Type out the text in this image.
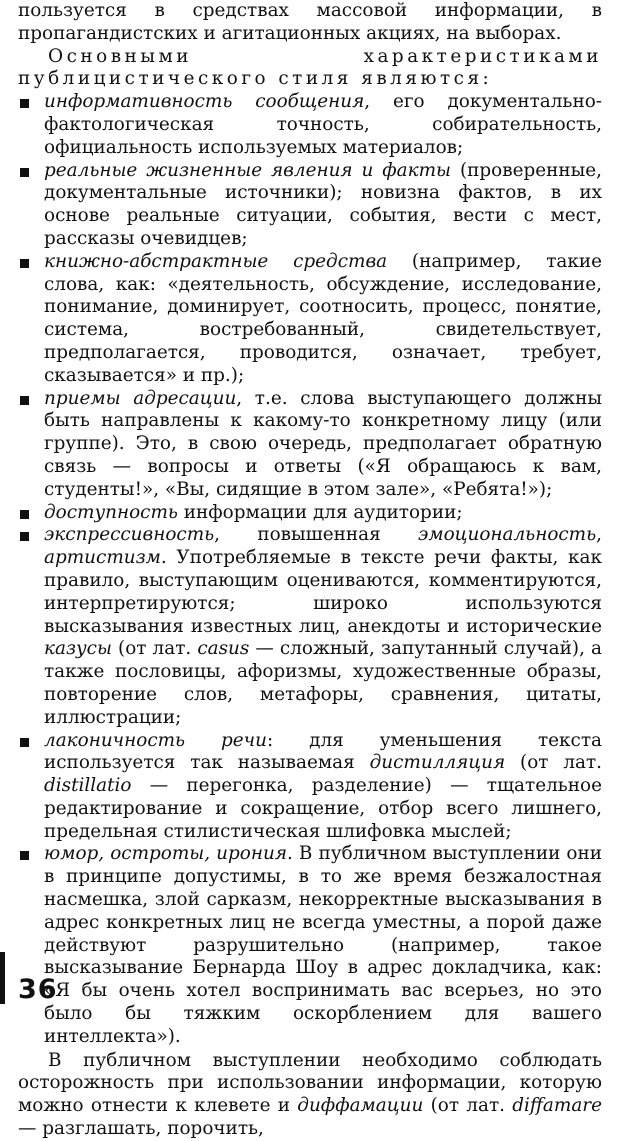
пользуется в средствах массовой информации, в пропагандистских и агитационных акциях, на выборах.

Основными характеристиками публицистического стиля являются:

информативность сообщения, его документально-фактологическая точность, собирательность, официальность используемых материалов;
реальные жизненные явления и факты (проверенные, документальные источники); новизна фактов, в их основе реальные ситуации, события, вести с мест, рассказы очевидцев;
книжно-абстрактные средства (например, такие слова, как: «деятельность, обсуждение, исследование, понимание, доминирует, соотносить, процесс, понятие, система, востребованный, свидетельствует, предполагается, проводится, означает, требует, сказывается» и пр.);
приемы адресации, т.е. слова выступающего должны быть направлены к какому-то конкретному лицу (или группе). Это, в свою очередь, предполагает обратную связь — вопросы и ответы («Я обращаюсь к вам, студенты!», «Вы, сидящие в этом зале», «Ребята!»);
доступность информации для аудитории;
экспрессивность, повышенная эмоциональность, артистизм. Употребляемые в тексте речи факты, как правило, выступающим оцениваются, комментируются, интерпретируются; широко используются высказывания известных лиц, анекдоты и исторические казусы (от лат. casus — сложный, запутанный случай), а также пословицы, афоризмы, художественные образы, повторение слов, метафоры, сравнения, цитаты, иллюстрации;
лаконичность речи: для уменьшения текста используется так называемая дистилляция (от лат. distillatio — перегонка, разделение) — тщательное редактирование и сокращение, отбор всего лишнего, предельная стилистическая шлифовка мыслей;
юмор, остроты, ирония. В публичном выступлении они в принципе допустимы, в то же время безжалостная насмешка, злой сарказм, некорректные высказывания в адрес конкретных лиц не всегда уместны, а порой даже действуют разрушительно (например, такое высказывание Бернарда Шоу в адрес докладчика, как: «Я бы очень хотел воспринимать вас всерьез, но это было бы тяжким оскорблением для вашего интеллекта»).

В публичном выступлении необходимо соблюдать осторожность при использовании информации, которую можно отнести к клевете и диффамации (от лат. diffamare — разглашать, порочить,

36
